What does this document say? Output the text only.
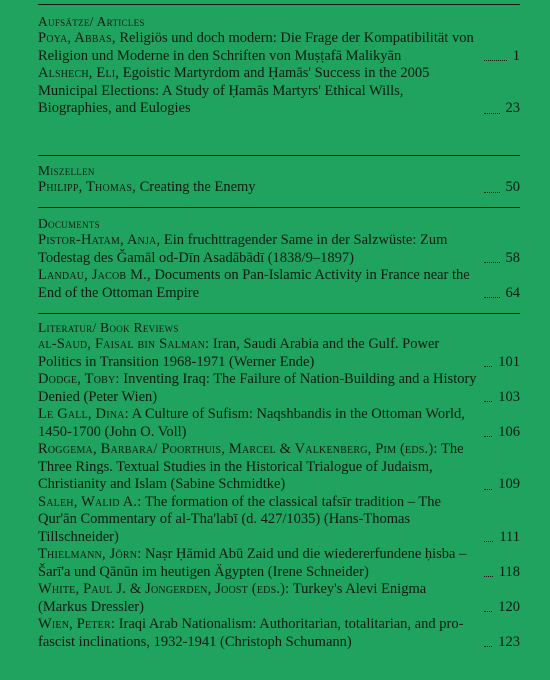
Aufsätze/ Articles
Poya, Abbas, Religiös und doch modern: Die Frage der Kompatibilität von Religion und Moderne in den Schriften von Muṣṭafā Malikyān	1
Alshech, Eli, Egoistic Martyrdom and Ḥamās' Success in the 2005 Municipal Elections: A Study of Ḥamās Martyrs' Ethical Wills, Biographies, and Eulogies	23
Miszellen
Philipp, Thomas, Creating the Enemy	50
Documents
Pistor-Hatam, Anja, Ein fruchttragender Same in der Salzwüste: Zum Todestag des Ǧamāl od-Dīn Asadābādī (1838/9–1897)	58
Landau, Jacob M., Documents on Pan-Islamic Activity in France near the End of the Ottoman Empire	64
Literatur/ Book Reviews
al-Saud, Faisal bin Salman: Iran, Saudi Arabia and the Gulf. Power Politics in Transition 1968-1971 (Werner Ende)	101
Dodge, Toby: Inventing Iraq: The Failure of Nation-Building and a History Denied (Peter Wien)	103
Le Gall, Dina: A Culture of Sufism: Naqshbandis in the Ottoman World, 1450-1700 (John O. Voll)	106
Roggema, Barbara/ Poorthuis, Marcel & Valkenberg, Pim (eds.): The Three Rings. Textual Studies in the Historical Trialogue of Judaism, Christianity and Islam (Sabine Schmidtke)	109
Saleh, Walid A.: The formation of the classical tafsīr tradition – The Qur'ān Commentary of al-Tha'labī (d. 427/1035) (Hans-Thomas Tillschneider)	111
Thielmann, Jörn: Naṣr Ḥāmid Abū Zaid und die wiedererfundene ḥisba – Šarī'a und Qānūn im heutigen Ägypten (Irene Schneider)	118
White, Paul J. & Jongerden, Joost (eds.): Turkey's Alevi Enigma (Markus Dressler)	120
Wien, Peter: Iraqi Arab Nationalism: Authoritarian, totalitarian, and pro-fascist inclinations, 1932-1941 (Christoph Schumann)	123
